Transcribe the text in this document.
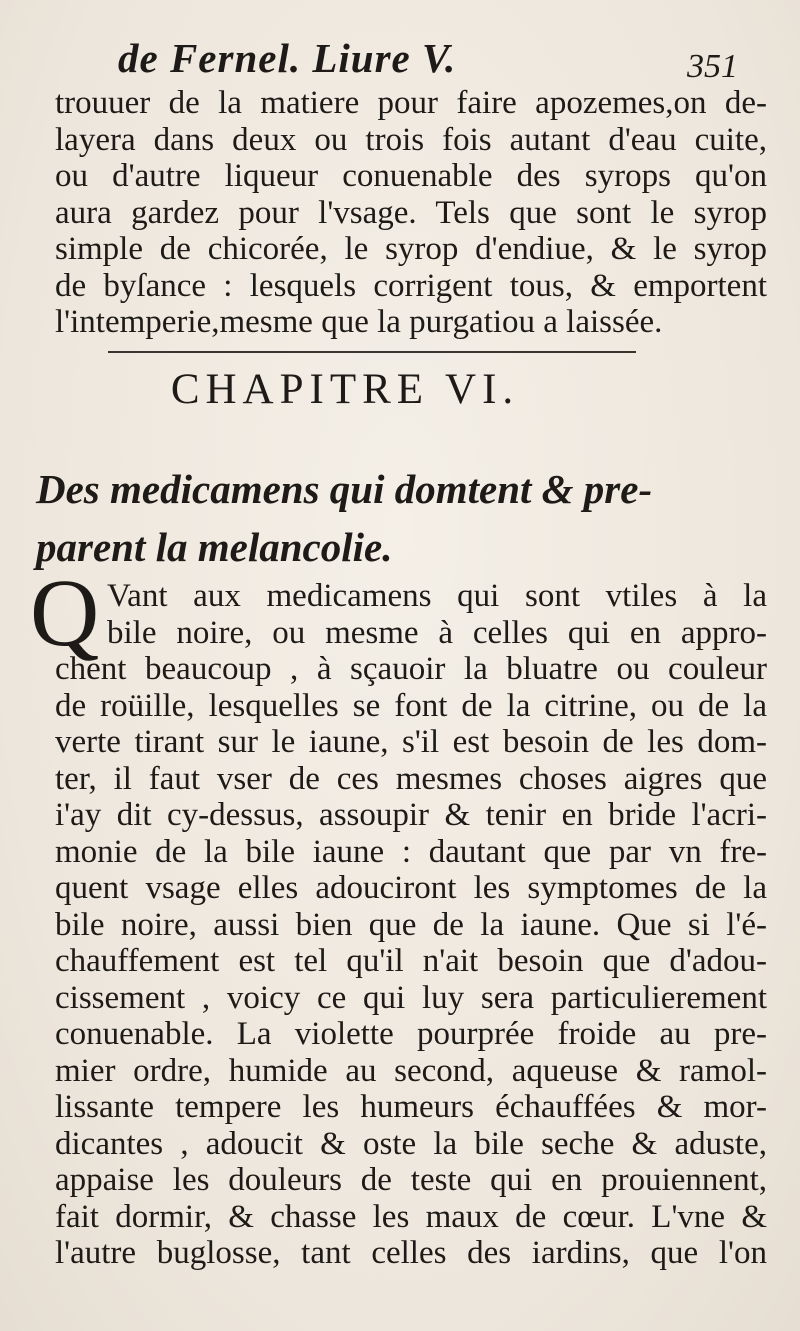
de Fernel. Liure V.	351
trouuer de la matiere pour faire apozemes,on de-
layera dans deux ou trois fois autant d'eau cuite,
ou d'autre liqueur conuenable des syrops qu'on
aura gardez pour l'vsage. Tels que sont le syrop
simple de chicorée, le syrop d'endiue, & le syrop
de byſance : lesquels corrigent tous, & emportent
l'intemperie,mesme que la purgatiou a laissée.
CHAPITRE VI.
Des medicamens qui domtent & pre-
parent la melancolie.
Q Vant aux medicamens qui sont vtiles à la
bile noire, ou mesme à celles qui en appro-
chent beaucoup , à sçauoir la bluatre ou couleur
de roüille, lesquelles se font de la citrine, ou de la
verte tirant sur le iaune, s'il est besoin de les dom-
ter, il faut vser de ces mesmes choses aigres que
i'ay dit cy-dessus, assoupir & tenir en bride l'acri-
monie de la bile iaune : dautant que par vn fre-
quent vsage elles adouciront les symptomes de la
bile noire, aussi bien que de la iaune. Que si l'é-
chauffement est tel qu'il n'ait besoin que d'adou-
cissement , voicy ce qui luy sera particulierement
conuenable. La violette pourprée froide au pre-
mier ordre, humide au second, aqueuse & ramol-
lissante tempere les humeurs échauffées & mor-
dicantes , adoucit & oste la bile seche & aduste,
appaise les douleurs de teste qui en prouiennent,
fait dormir, & chasse les maux de cœur. L'vne &
l'autre buglosse, tant celles des iardins, que l'on
